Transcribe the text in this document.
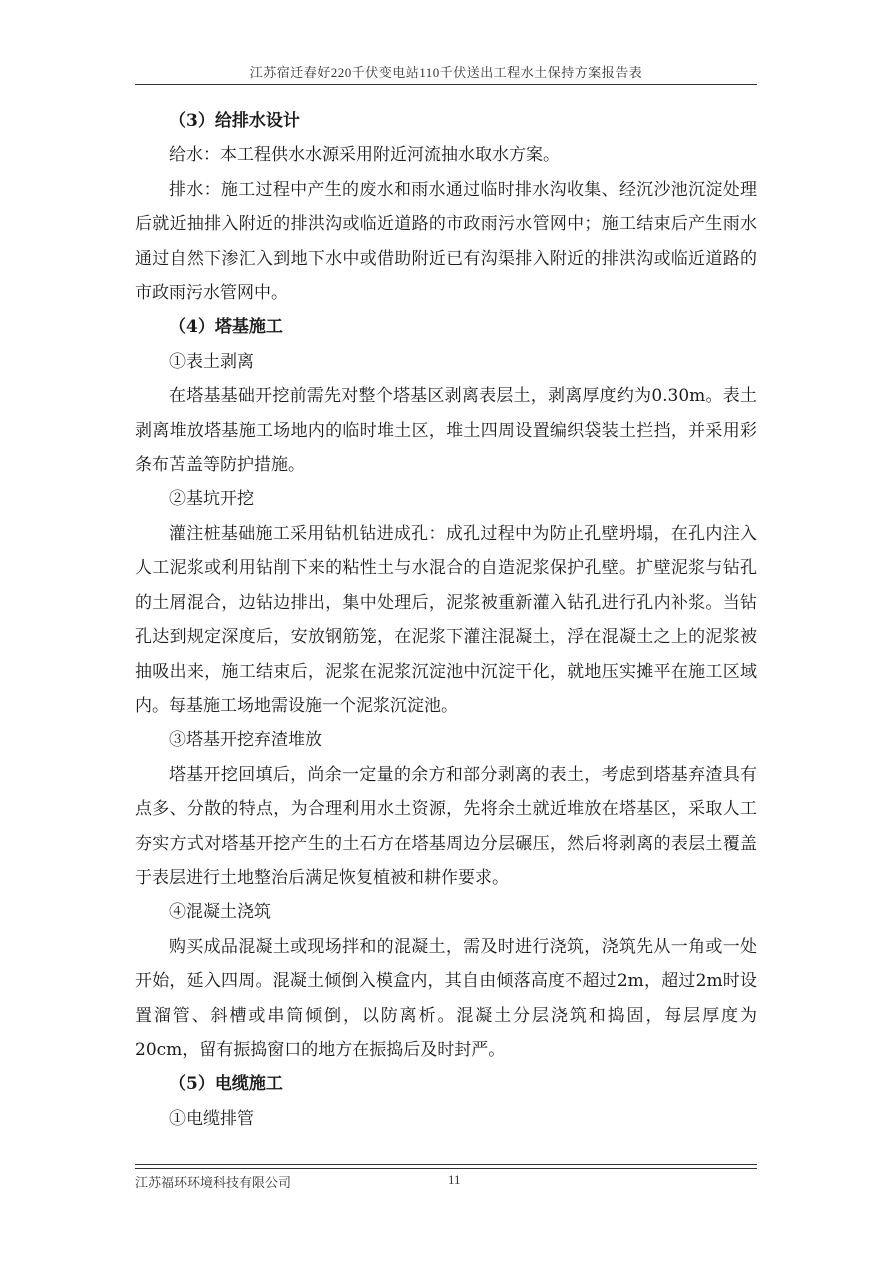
江苏宿迁春好220千伏变电站110千伏送出工程水土保持方案报告表

（3）给排水设计

给水：本工程供水水源采用附近河流抽水取水方案。

排水：施工过程中产生的废水和雨水通过临时排水沟收集、经沉沙池沉淀处理后就近抽排入附近的排洪沟或临近道路的市政雨污水管网中；施工结束后产生雨水通过自然下渗汇入到地下水中或借助附近已有沟渠排入附近的排洪沟或临近道路的市政雨污水管网中。

（4）塔基施工

①表土剥离

在塔基基础开挖前需先对整个塔基区剥离表层土，剥离厚度约为0.30m。表土剥离堆放塔基施工场地内的临时堆土区，堆土四周设置编织袋装土拦挡，并采用彩条布苫盖等防护措施。

②基坑开挖

灌注桩基础施工采用钻机钻进成孔：成孔过程中为防止孔壁坍塌，在孔内注入人工泥浆或利用钻削下来的粘性土与水混合的自造泥浆保护孔壁。扩壁泥浆与钻孔的土屑混合，边钻边排出，集中处理后，泥浆被重新灌入钻孔进行孔内补浆。当钻孔达到规定深度后，安放钢筋笼，在泥浆下灌注混凝土，浮在混凝土之上的泥浆被抽吸出来，施工结束后，泥浆在泥浆沉淀池中沉淀干化，就地压实摊平在施工区域内。每基施工场地需设施一个泥浆沉淀池。

③塔基开挖弃渣堆放

塔基开挖回填后，尚余一定量的余方和部分剥离的表土，考虑到塔基弃渣具有点多、分散的特点，为合理利用水土资源，先将余土就近堆放在塔基区，采取人工夯实方式对塔基开挖产生的土石方在塔基周边分层碾压，然后将剥离的表层土覆盖于表层进行土地整治后满足恢复植被和耕作要求。

④混凝土浇筑

购买成品混凝土或现场拌和的混凝土，需及时进行浇筑，浇筑先从一角或一处开始，延入四周。混凝土倾倒入模盒内，其自由倾落高度不超过2m，超过2m时设置溜管、斜槽或串筒倾倒，以防离析。混凝土分层浇筑和捣固，每层厚度为20cm，留有振捣窗口的地方在振捣后及时封严。

（5）电缆施工

①电缆排管

江苏福环环境科技有限公司	11
